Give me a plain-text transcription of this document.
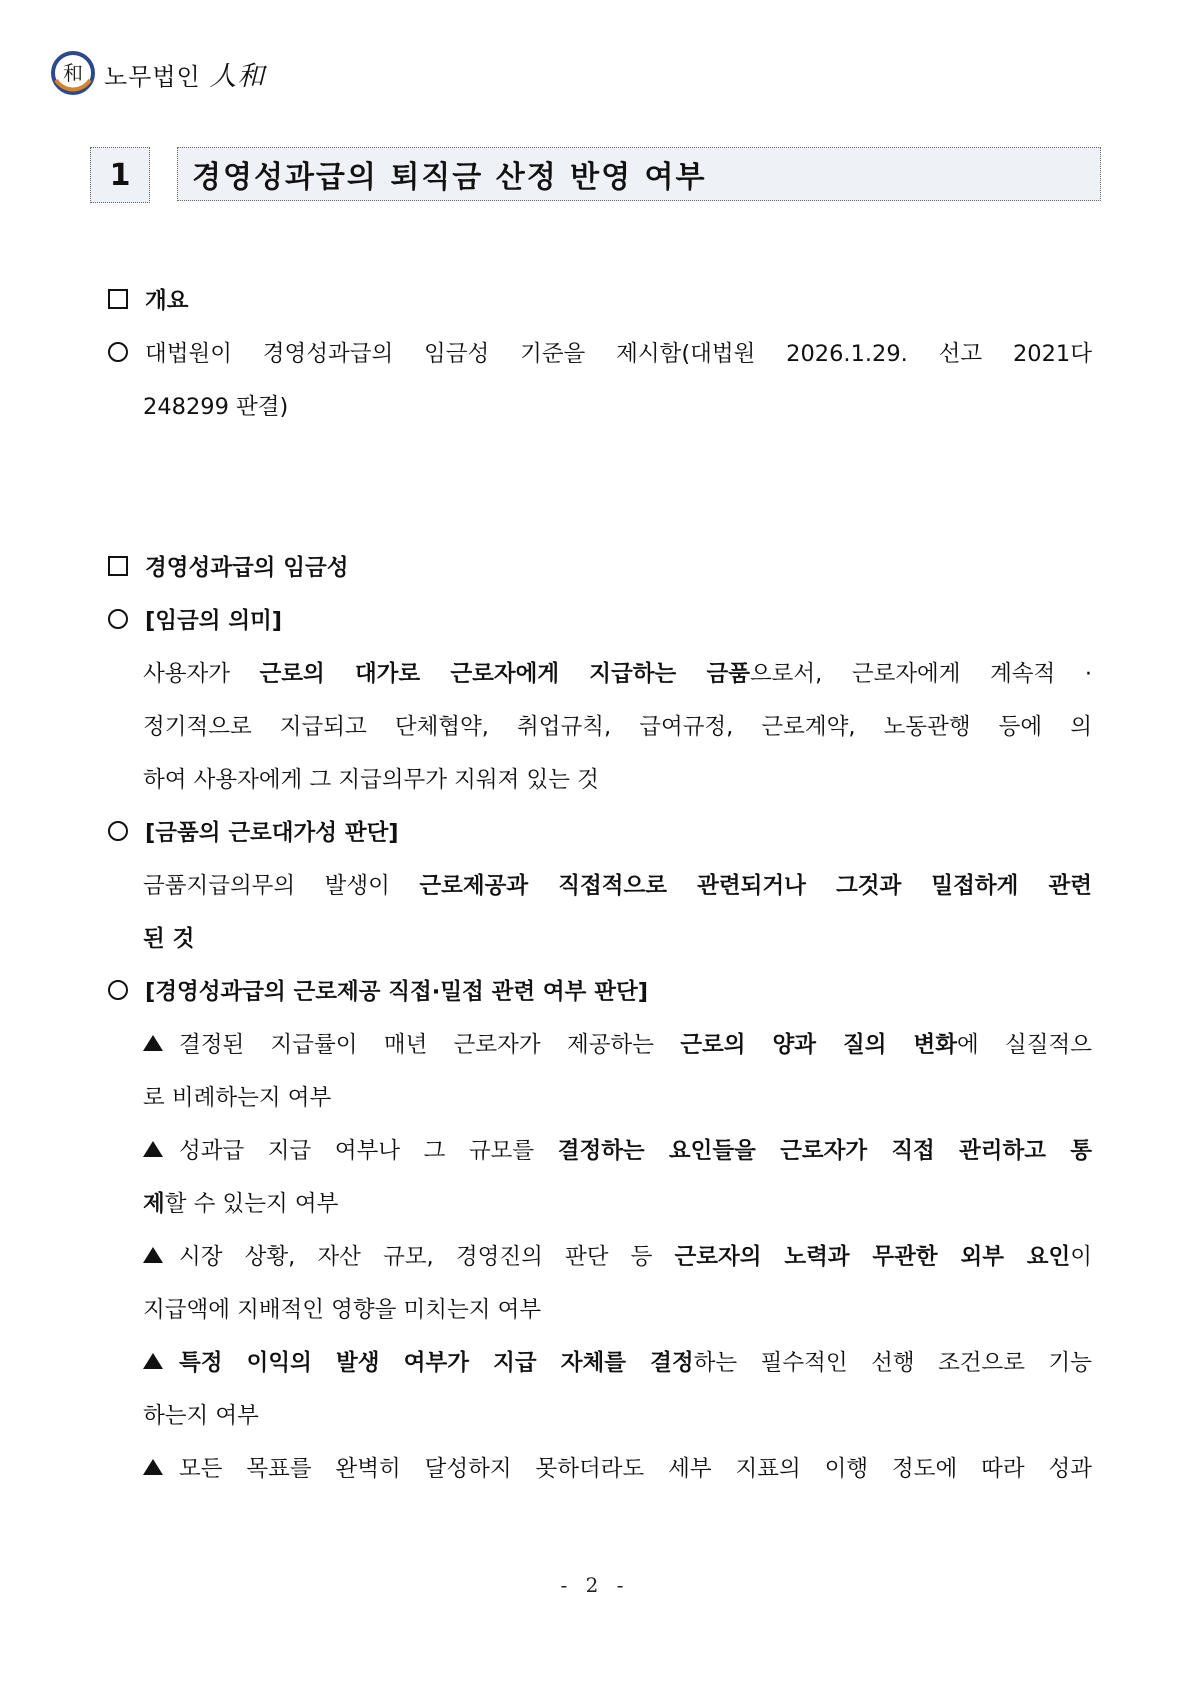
和 노무법인 人和
1	경영성과급의 퇴직금 산정 반영 여부
개요
대법원이 경영성과급의 임금성 기준을 제시함(대법원 2026.1.29. 선고 2021다
248299 판결)
경영성과급의 임금성
[임금의 의미]
사용자가 근로의 대가로 근로자에게 지급하는 금품으로서, 근로자에게 계속적 ·
정기적으로 지급되고 단체협약, 취업규칙, 급여규정, 근로계약, 노동관행 등에 의
하여 사용자에게 그 지급의무가 지워져 있는 것
[금품의 근로대가성 판단]
금품지급의무의 발생이 근로제공과 직접적으로 관련되거나 그것과 밀접하게 관련
된 것
[경영성과급의 근로제공 직접·밀접 관련 여부 판단]
결정된 지급률이 매년 근로자가 제공하는 근로의 양과 질의 변화에 실질적으
로 비례하는지 여부
성과급 지급 여부나 그 규모를 결정하는 요인들을 근로자가 직접 관리하고 통
제할 수 있는지 여부
시장 상황, 자산 규모, 경영진의 판단 등 근로자의 노력과 무관한 외부 요인이
지급액에 지배적인 영향을 미치는지 여부
특정 이익의 발생 여부가 지급 자체를 결정하는 필수적인 선행 조건으로 기능
하는지 여부
모든 목표를 완벽히 달성하지 못하더라도 세부 지표의 이행 정도에 따라 성과
- 2 -
